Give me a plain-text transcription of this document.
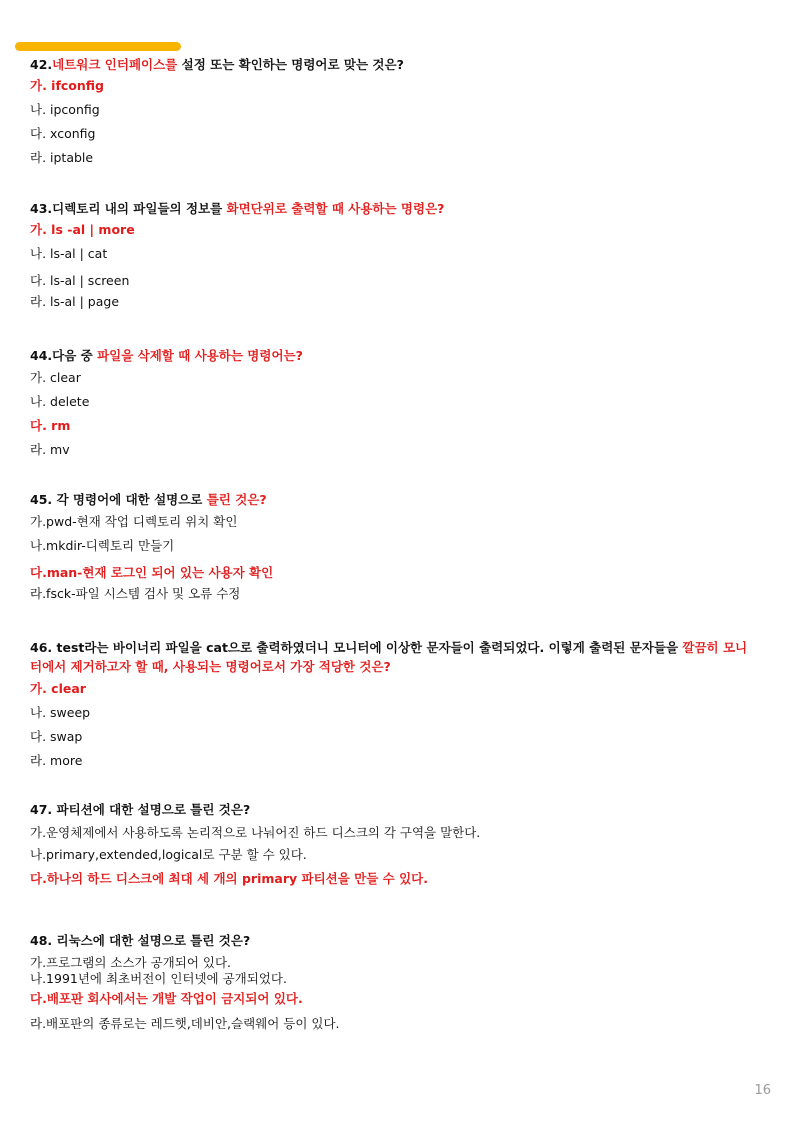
42.네트워크 인터페이스를 설정 또는 확인하는 명령어로 맞는 것은?

가. ifconfig
나. ipconfig
다. xconfig
라. iptable

43.디렉토리 내의 파일들의 정보를 화면단위로 출력할 때 사용하는 명령은?

가. ls -al | more
나. ls-al | cat
다. ls-al | screen
라. ls-al | page

44.다음 중 파일을 삭제할 때 사용하는 명령어는?

가. clear
나. delete
다. rm
라. mv

45. 각 명령어에 대한 설명으로 틀린 것은?

가.pwd-현재 작업 디렉토리 위치 확인
나.mkdir-디렉토리 만들기
다.man-현재 로그인 되어 있는 사용자 확인
라.fsck-파일 시스템 검사 및 오류 수정

46. test라는 바이너리 파일을 cat으로 출력하였더니 모니터에 이상한 문자들이 출력되었다. 이렇게 출력된 문자들을 깔끔히 모니터에서 제거하고자 할 때, 사용되는 명령어로서 가장 적당한 것은?

가. clear
나. sweep
다. swap
라. more

47. 파티션에 대한 설명으로 틀린 것은?

가.운영체제에서 사용하도록 논리적으로 나눠어진 하드 디스크의 각 구역을 말한다.
나.primary,extended,logical로 구분 할 수 있다.
다.하나의 하드 디스크에 최대 세 개의 primary 파티션을 만들 수 있다.

48. 리눅스에 대한 설명으로 틀린 것은?

가.프로그램의 소스가 공개되어 있다.
나.1991년에 최초버전이 인터넷에 공개되었다.
다.배포판 회사에서는 개발 작업이 금지되어 있다.
라.배포판의 종류로는 레드햇,데비안,슬랙웨어 등이 있다.
16
